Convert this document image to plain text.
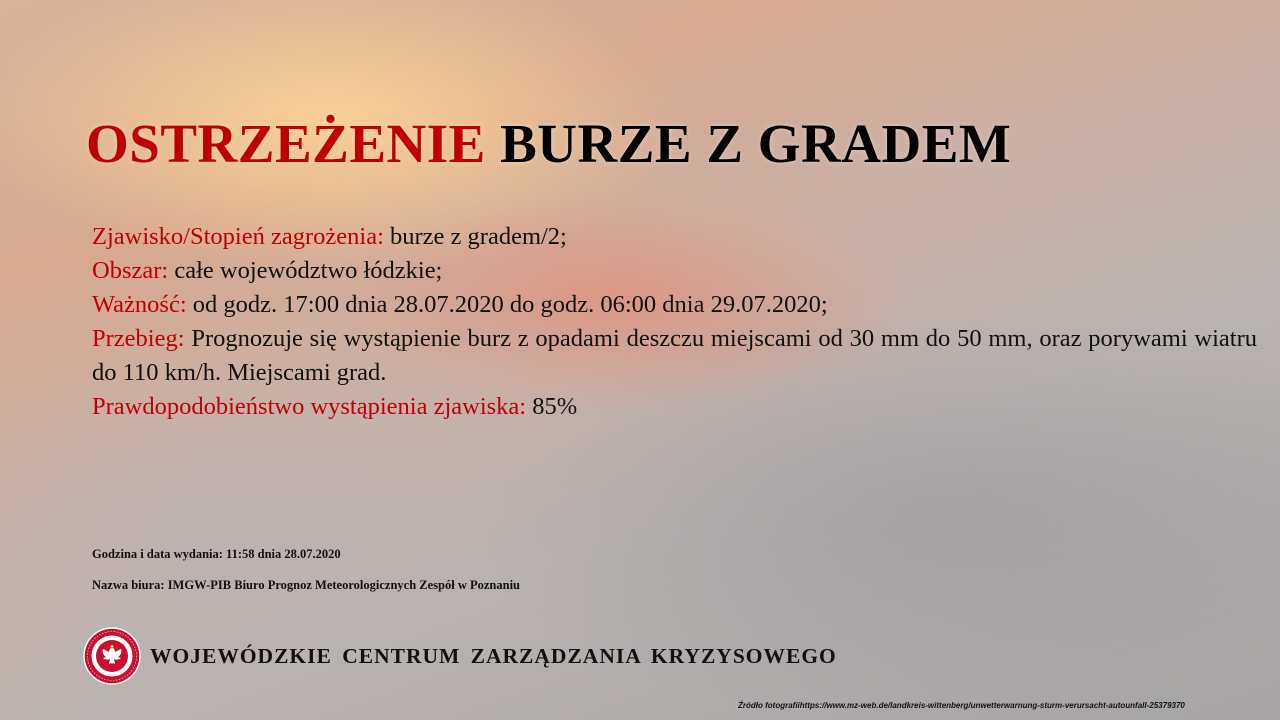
OSTRZEŻENIE BURZE Z GRADEM

Zjawisko/Stopień zagrożenia: burze z gradem/2;

Obszar: całe województwo łódzkie;

Ważność: od godz. 17:00 dnia 28.07.2020 do godz. 06:00 dnia 29.07.2020;

Przebieg: Prognozuje się wystąpienie burz z opadami deszczu miejscami od 30 mm do 50 mm, oraz porywami wiatru do 110 km/h. Miejscami grad.

Prawdopodobieństwo wystąpienia zjawiska: 85%

Godzina i data wydania: 11:58 dnia 28.07.2020
Nazwa biura: IMGW-PIB Biuro Prognoz Meteorologicznych Zespół w Poznaniu
WOJEWÓDZKIE CENTRUM ZARZĄDZANIA KRYZYSOWEGO
Źródło fotografiihttps://www.mz-web.de/landkreis-wittenberg/unwetterwarnung-sturm-verursacht-autounfall-25379370
